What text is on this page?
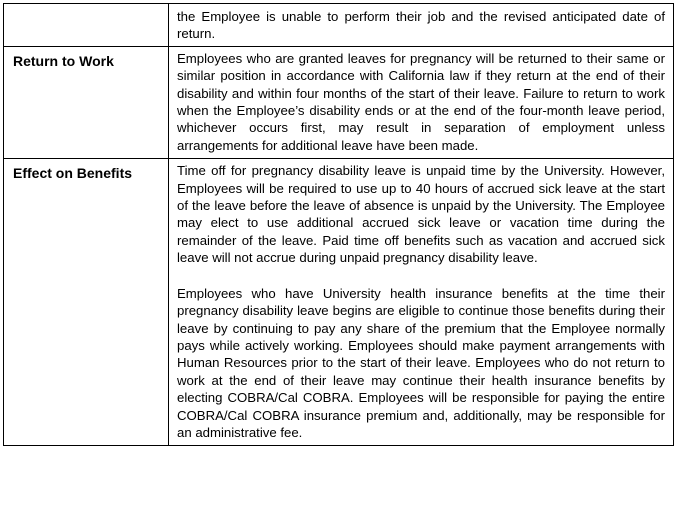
	the Employee is unable to perform their job and the revised anticipated date of return.

Return to Work	Employees who are granted leaves for pregnancy will be returned to their same or similar position in accordance with California law if they return at the end of their disability and within four months of the start of their leave. Failure to return to work when the Employee’s disability ends or at the end of the four-month leave period, whichever occurs first, may result in separation of employment unless arrangements for additional leave have been made.

Effect on Benefits	Time off for pregnancy disability leave is unpaid time by the University. However, Employees will be required to use up to 40 hours of accrued sick leave at the start of the leave before the leave of absence is unpaid by the University. The Employee may elect to use additional accrued sick leave or vacation time during the remainder of the leave. Paid time off benefits such as vacation and accrued sick leave will not accrue during unpaid pregnancy disability leave.

Employees who have University health insurance benefits at the time their pregnancy disability leave begins are eligible to continue those benefits during their leave by continuing to pay any share of the premium that the Employee normally pays while actively working. Employees should make payment arrangements with Human Resources prior to the start of their leave. Employees who do not return to work at the end of their leave may continue their health insurance benefits by electing COBRA/Cal COBRA. Employees will be responsible for paying the entire COBRA/Cal COBRA insurance premium and, additionally, may be responsible for an administrative fee.
